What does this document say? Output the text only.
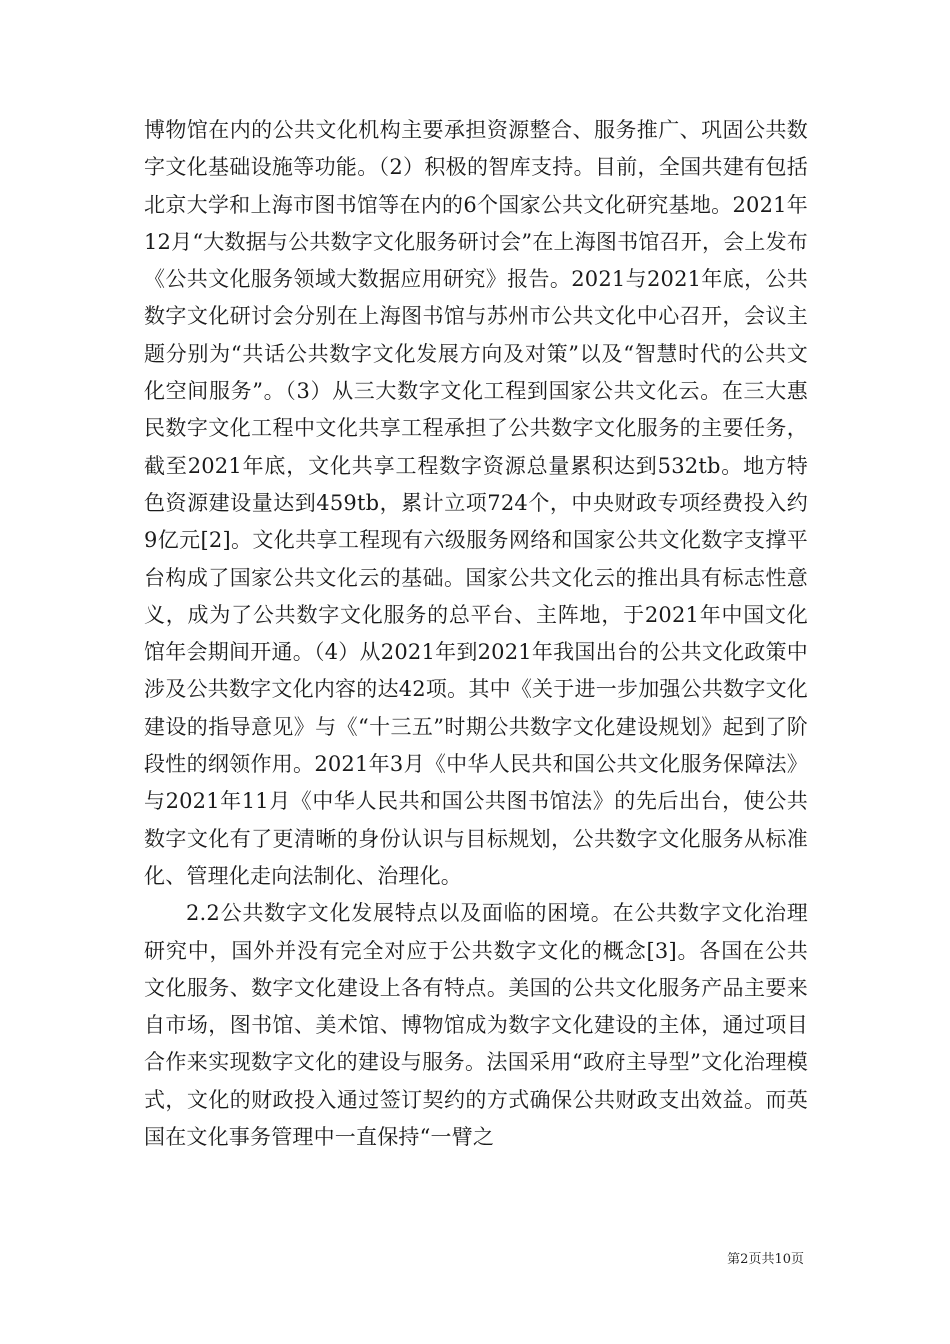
博物馆在内的公共文化机构主要承担资源整合、服务推广、巩固公共数字文化基础设施等功能。（2）积极的智库支持。目前，全国共建有包括北京大学和上海市图书馆等在内的6个国家公共文化研究基地。2021年12月“大数据与公共数字文化服务研讨会”在上海图书馆召开，会上发布《公共文化服务领域大数据应用研究》报告。2021与2021年底，公共数字文化研讨会分别在上海图书馆与苏州市公共文化中心召开，会议主题分别为“共话公共数字文化发展方向及对策”以及“智慧时代的公共文化空间服务”。（3）从三大数字文化工程到国家公共文化云。在三大惠民数字文化工程中文化共享工程承担了公共数字文化服务的主要任务，截至2021年底，文化共享工程数字资源总量累积达到532tb。地方特色资源建设量达到459tb，累计立项724个，中央财政专项经费投入约9亿元[2]。文化共享工程现有六级服务网络和国家公共文化数字支撑平台构成了国家公共文化云的基础。国家公共文化云的推出具有标志性意义，成为了公共数字文化服务的总平台、主阵地，于2021年中国文化馆年会期间开通。（4）从2021年到2021年我国出台的公共文化政策中涉及公共数字文化内容的达42项。其中《关于进一步加强公共数字文化建设的指导意见》与《“十三五”时期公共数字文化建设规划》起到了阶段性的纲领作用。2021年3月《中华人民共和国公共文化服务保障法》与2021年11月《中华人民共和国公共图书馆法》的先后出台，使公共数字文化有了更清晰的身份认识与目标规划，公共数字文化服务从标准化、管理化走向法制化、治理化。

2.2公共数字文化发展特点以及面临的困境。在公共数字文化治理研究中，国外并没有完全对应于公共数字文化的概念[3]。各国在公共文化服务、数字文化建设上各有特点。美国的公共文化服务产品主要来自市场，图书馆、美术馆、博物馆成为数字文化建设的主体，通过项目合作来实现数字文化的建设与服务。法国采用“政府主导型”文化治理模式，文化的财政投入通过签订契约的方式确保公共财政支出效益。而英国在文化事务管理中一直保持“一臂之

第2页共10页
